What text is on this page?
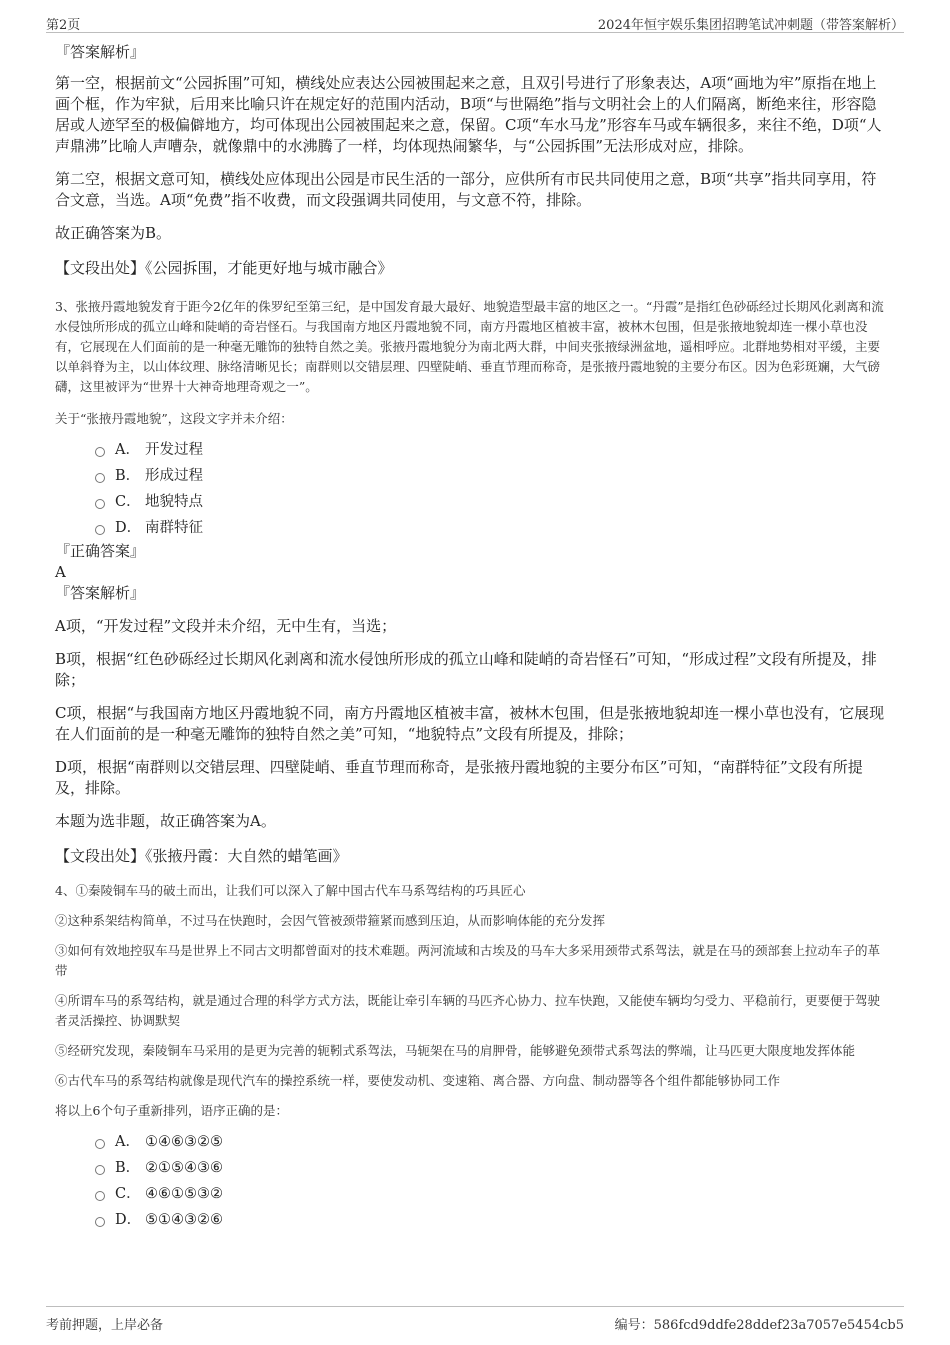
第2页	2024年恒宇娱乐集团招聘笔试冲刺题（带答案解析）

『答案解析』

第一空，根据前文“公园拆围”可知，横线处应表达公园被围起来之意，且双引号进行了形象表达，A项“画地为牢”原指在地上画个框，作为牢狱，后用来比喻只许在规定好的范围内活动，B项“与世隔绝”指与文明社会上的人们隔离，断绝来往，形容隐居或人迹罕至的极偏僻地方，均可体现出公园被围起来之意，保留。C项“车水马龙”形容车马或车辆很多，来往不绝，D项“人声鼎沸”比喻人声嘈杂，就像鼎中的水沸腾了一样，均体现热闹繁华，与“公园拆围”无法形成对应，排除。

第二空，根据文意可知，横线处应体现出公园是市民生活的一部分，应供所有市民共同使用之意，B项“共享”指共同享用，符合文意，当选。A项“免费”指不收费，而文段强调共同使用，与文意不符，排除。

故正确答案为B。

【文段出处】《公园拆围，才能更好地与城市融合》

3、张掖丹霞地貌发育于距今2亿年的侏罗纪至第三纪，是中国发育最大最好、地貌造型最丰富的地区之一。“丹霞”是指红色砂砾经过长期风化剥离和流水侵蚀所形成的孤立山峰和陡峭的奇岩怪石。与我国南方地区丹霞地貌不同，南方丹霞地区植被丰富，被林木包围，但是张掖地貌却连一棵小草也没有，它展现在人们面前的是一种毫无雕饰的独特自然之美。张掖丹霞地貌分为南北两大群，中间夹张掖绿洲盆地，遥相呼应。北群地势相对平缓，主要以单斜脊为主，以山体纹理、脉络清晰见长；南群则以交错层理、四壁陡峭、垂直节理而称奇，是张掖丹霞地貌的主要分布区。因为色彩斑斓，大气磅礴，这里被评为“世界十大神奇地理奇观之一”。

关于“张掖丹霞地貌”，这段文字并未介绍：

A． 开发过程
B． 形成过程
C． 地貌特点
D． 南群特征

『正确答案』

A

『答案解析』

A项，“开发过程”文段并未介绍，无中生有，当选；

B项，根据“红色砂砾经过长期风化剥离和流水侵蚀所形成的孤立山峰和陡峭的奇岩怪石”可知，“形成过程”文段有所提及，排除；

C项，根据“与我国南方地区丹霞地貌不同，南方丹霞地区植被丰富，被林木包围，但是张掖地貌却连一棵小草也没有，它展现在人们面前的是一种毫无雕饰的独特自然之美”可知，“地貌特点”文段有所提及，排除；

D项，根据“南群则以交错层理、四壁陡峭、垂直节理而称奇，是张掖丹霞地貌的主要分布区”可知，“南群特征”文段有所提及，排除。

本题为选非题，故正确答案为A。

【文段出处】《张掖丹霞：大自然的蜡笔画》

4、①秦陵铜车马的破土而出，让我们可以深入了解中国古代车马系驾结构的巧具匠心

②这种系架结构简单，不过马在快跑时，会因气管被颈带箍紧而感到压迫，从而影响体能的充分发挥

③如何有效地控驭车马是世界上不同古文明都曾面对的技术难题。两河流域和古埃及的马车大多采用颈带式系驾法，就是在马的颈部套上拉动车子的革带

④所谓车马的系驾结构，就是通过合理的科学方式方法，既能让牵引车辆的马匹齐心协力、拉车快跑，又能使车辆均匀受力、平稳前行，更要便于驾驶者灵活操控、协调默契

⑤经研究发现，秦陵铜车马采用的是更为完善的轭靷式系驾法，马轭架在马的肩胛骨，能够避免颈带式系驾法的弊端，让马匹更大限度地发挥体能

⑥古代车马的系驾结构就像是现代汽车的操控系统一样，要使发动机、变速箱、离合器、方向盘、制动器等各个组件都能够协同工作

将以上6个句子重新排列，语序正确的是：

A． ①④⑥③②⑤
B． ②①⑤④③⑥
C． ④⑥①⑤③②
D． ⑤①④③②⑥
考前押题，上岸必备	编号：586fcd9ddfe28ddef23a7057e5454cb5
